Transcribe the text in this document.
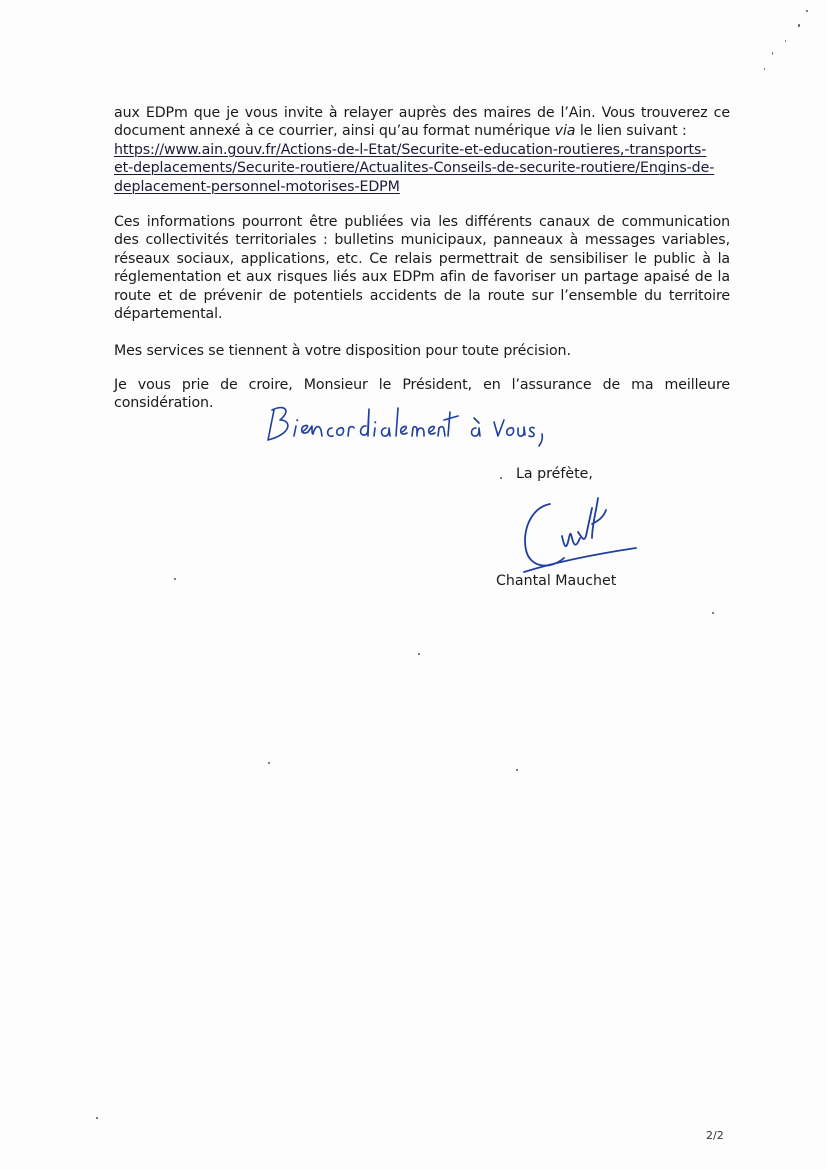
aux EDPm que je vous invite à relayer auprès des maires de l’Ain. Vous trouverez ce document annexé à ce courrier, ainsi qu’au format numérique via le lien suivant :
https://www.ain.gouv.fr/Actions-de-l-Etat/Securite-et-education-routieres,-transports-
et-deplacements/Securite-routiere/Actualites-Conseils-de-securite-routiere/Engins-de-
deplacement-personnel-motorises-EDPM

Ces informations pourront être publiées via les différents canaux de communication des collectivités territoriales : bulletins municipaux, panneaux à messages variables, réseaux sociaux, applications, etc. Ce relais permettrait de sensibiliser le public à la réglementation et aux risques liés aux EDPm afin de favoriser un partage apaisé de la route et de prévenir de potentiels accidents de la route sur l’ensemble du territoire départemental.

Mes services se tiennent à votre disposition pour toute précision.

Je vous prie de croire, Monsieur le Président, en l’assurance de ma meilleure considération.

La préfète,

Chantal Mauchet

2/2
